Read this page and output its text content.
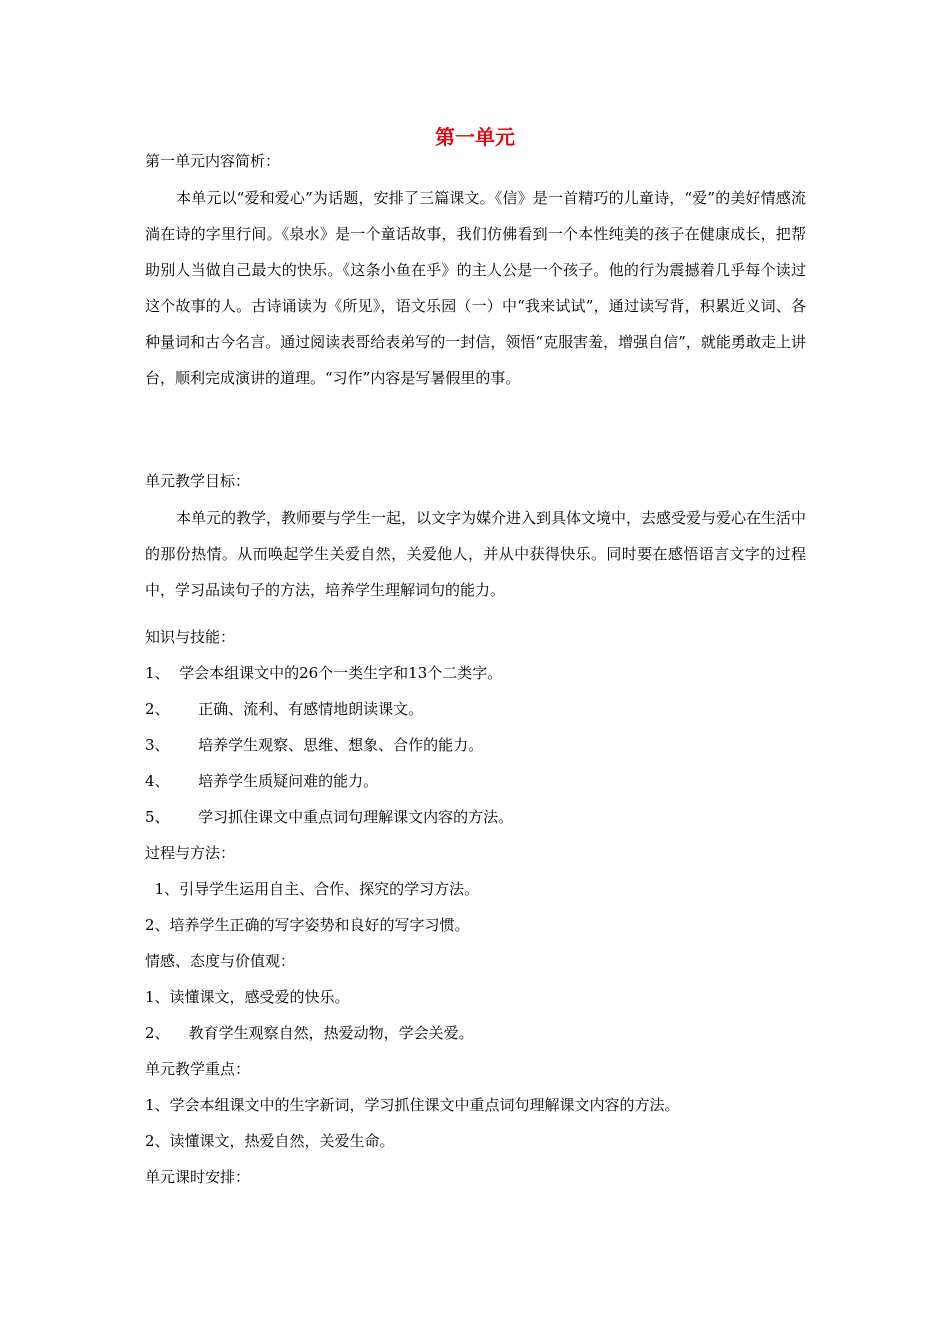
第一单元
第一单元内容简析：
本单元以“爱和爱心”为话题，安排了三篇课文。《信》是一首精巧的儿童诗，“爱”的美好情感流淌在诗的字里行间。《泉水》是一个童话故事，我们仿佛看到一个本性纯美的孩子在健康成长，把帮助别人当做自己最大的快乐。《这条小鱼在乎》的主人公是一个孩子。他的行为震撼着几乎每个读过这个故事的人。古诗诵读为《所见》，语文乐园（一）中“我来试试”，通过读写背，积累近义词、各种量词和古今名言。通过阅读表哥给表弟写的一封信，领悟“克服害羞，增强自信”，就能勇敢走上讲台，顺利完成演讲的道理。“习作”内容是写暑假里的事。
单元教学目标：
本单元的教学，教师要与学生一起，以文字为媒介进入到具体文境中，去感受爱与爱心在生活中的那份热情。从而唤起学生关爱自然，关爱他人，并从中获得快乐。同时要在感悟语言文字的过程中，学习品读句子的方法，培养学生理解词句的能力。
知识与技能：
1、  学会本组课文中的26个一类生字和13个二类字。
2、      正确、流利、有感情地朗读课文。
3、      培养学生观察、思维、想象、合作的能力。
4、      培养学生质疑问难的能力。
5、      学习抓住课文中重点词句理解课文内容的方法。
过程与方法：
1、引导学生运用自主、合作、探究的学习方法。
2、培养学生正确的写字姿势和良好的写字习惯。
情感、态度与价值观：
1、读懂课文，感受爱的快乐。
2、    教育学生观察自然，热爱动物，学会关爱。
单元教学重点：
1、学会本组课文中的生字新词，学习抓住课文中重点词句理解课文内容的方法。
2、读懂课文，热爱自然，关爱生命。
单元课时安排：
